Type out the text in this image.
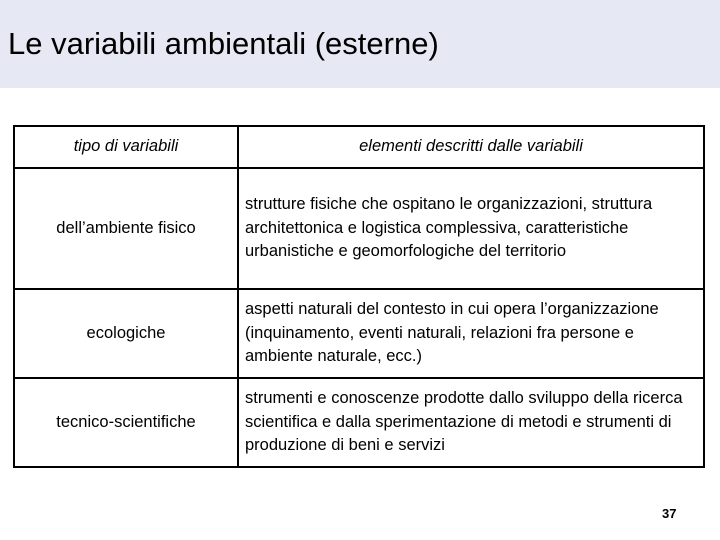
Le variabili ambientali (esterne)
tipo di variabili	elementi descritti dalle variabili
dell’ambiente fisico
strutture fisiche che ospitano le organizzazioni, struttura architettonica e logistica complessiva, caratteristiche urbanistiche e geomorfologiche del territorio
ecologiche
aspetti naturali del contesto in cui opera l’organizzazione (inquinamento, eventi naturali, relazioni fra persone e ambiente naturale, ecc.)
tecnico-scientifiche
strumenti e conoscenze prodotte dallo sviluppo della ricerca scientifica e dalla sperimentazione di metodi e strumenti di produzione di beni e servizi
37
